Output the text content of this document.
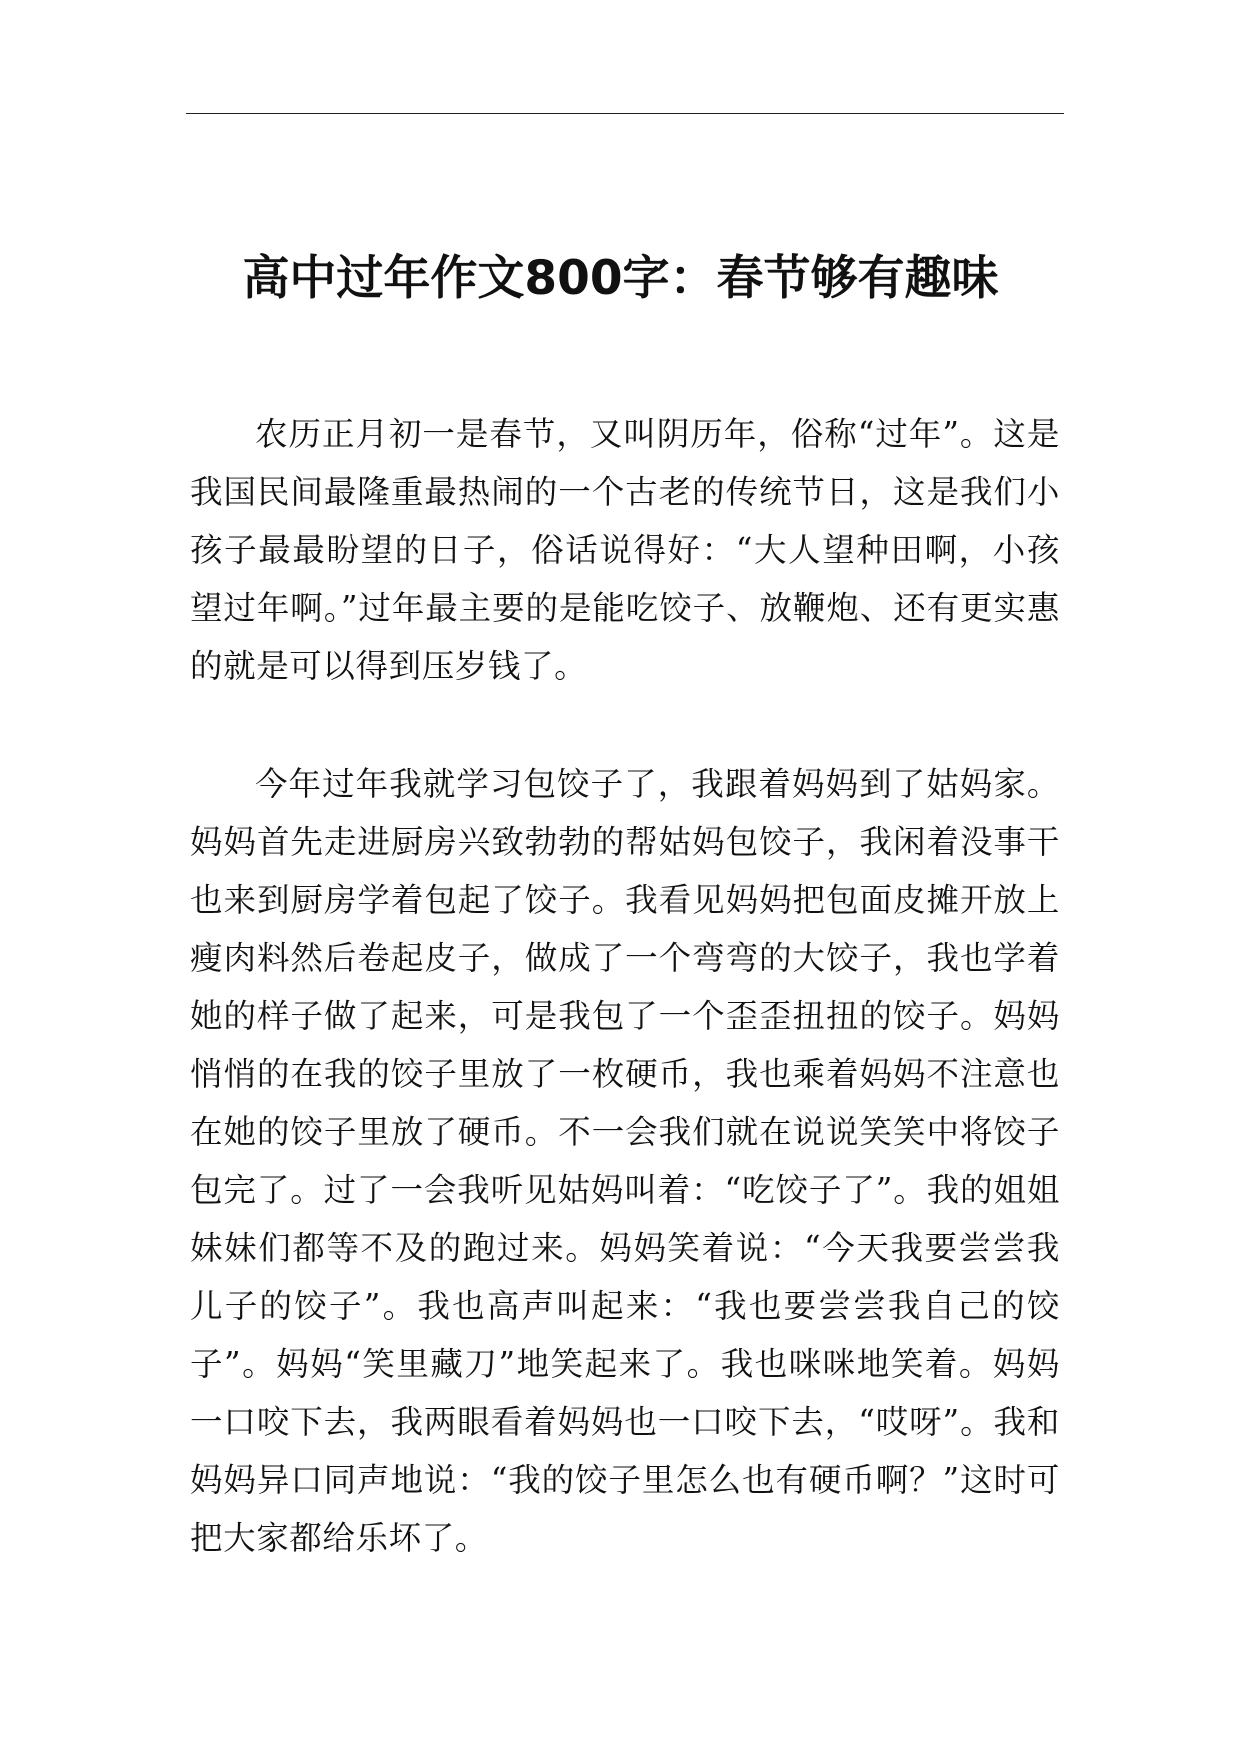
高中过年作文800字：春节够有趣味

农历正月初一是春节，又叫阴历年，俗称“过年”。这是我国民间最隆重最热闹的一个古老的传统节日，这是我们小孩子最最盼望的日子，俗话说得好：“大人望种田啊，小孩望过年啊。”过年最主要的是能吃饺子、放鞭炮、还有更实惠的就是可以得到压岁钱了。

今年过年我就学习包饺子了，我跟着妈妈到了姑妈家。妈妈首先走进厨房兴致勃勃的帮姑妈包饺子，我闲着没事干也来到厨房学着包起了饺子。我看见妈妈把包面皮摊开放上瘦肉料然后卷起皮子，做成了一个弯弯的大饺子，我也学着她的样子做了起来，可是我包了一个歪歪扭扭的饺子。妈妈悄悄的在我的饺子里放了一枚硬币，我也乘着妈妈不注意也在她的饺子里放了硬币。不一会我们就在说说笑笑中将饺子包完了。过了一会我听见姑妈叫着：“吃饺子了”。我的姐姐妹妹们都等不及的跑过来。妈妈笑着说：“今天我要尝尝我儿子的饺子”。我也高声叫起来：“我也要尝尝我自己的饺子”。妈妈“笑里藏刀”地笑起来了。我也咪咪地笑着。妈妈一口咬下去，我两眼看着妈妈也一口咬下去，“哎呀”。我和妈妈异口同声地说：“我的饺子里怎么也有硬币啊？”这时可把大家都给乐坏了。
